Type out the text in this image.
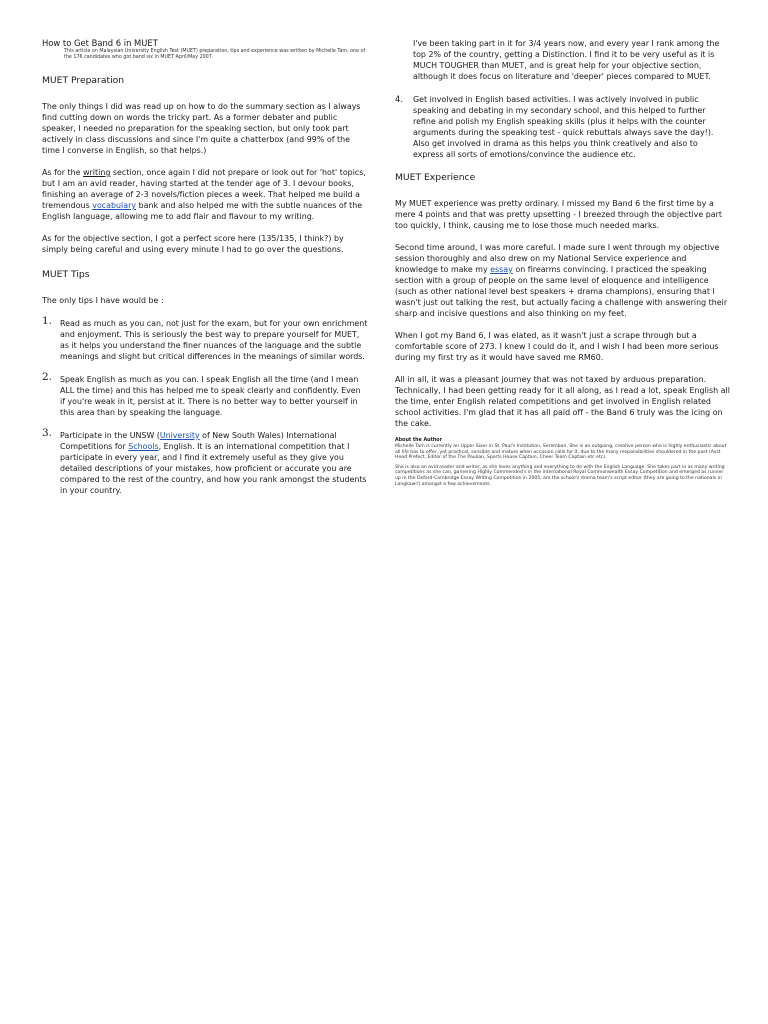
How to Get Band 6 in MUET

This article on Malaysian University English Test (MUET) preparation, tips and experience was written by Michelle Tam, one of the 176 candidates who got band six in MUET April/May 2007.

MUET Preparation

The only things I did was read up on how to do the summary section as I always find cutting down on words the tricky part. As a former debater and public speaker, I needed no preparation for the speaking section, but only took part actively in class discussions and since I'm quite a chatterbox (and 99% of the time I converse in English, so that helps.)

As for the writing section, once again I did not prepare or look out for 'hot' topics, but I am an avid reader, having started at the tender age of 3. I devour books, finishing an average of 2-3 novels/fiction pieces a week. That helped me build a tremendous vocabulary bank and also helped me with the subtle nuances of the English language, allowing me to add flair and flavour to my writing.

As for the objective section, I got a perfect score here (135/135, I think?) by simply being careful and using every minute I had to go over the questions.

MUET Tips

The only tips I have would be :

1. Read as much as you can, not just for the exam, but for your own enrichment and enjoyment. This is seriously the best way to prepare yourself for MUET, as it helps you understand the finer nuances of the language and the subtle meanings and slight but critical differences in the meanings of similar words.
2. Speak English as much as you can. I speak English all the time (and I mean ALL the time) and this has helped me to speak clearly and confidently. Even if you're weak in it, persist at it. There is no better way to better yourself in this area than by speaking the language.
3. Participate in the UNSW (University of New South Wales) International Competitions for Schools, English. It is an international competition that I participate in every year, and I find it extremely useful as they give you detailed descriptions of your mistakes, how proficient or accurate you are compared to the rest of the country, and how you rank amongst the students in your country.

I've been taking part in it for 3/4 years now, and every year I rank among the top 2% of the country, getting a Distinction. I find it to be very useful as it is MUCH TOUGHER than MUET, and is great help for your objective section, although it does focus on literature and 'deeper' pieces compared to MUET.

4. Get involved in English based activities. I was actively involved in public speaking and debating in my secondary school, and this helped to further refine and polish my English speaking skills (plus it helps with the counter arguments during the speaking test - quick rebuttals always save the day!). Also get involved in drama as this helps you think creatively and also to express all sorts of emotions/convince the audience etc.

MUET Experience

My MUET experience was pretty ordinary. I missed my Band 6 the first time by a mere 4 points and that was pretty upsetting - I breezed through the objective part too quickly, I think, causing me to lose those much needed marks.

Second time around, I was more careful. I made sure I went through my objective session thoroughly and also drew on my National Service experience and knowledge to make my essay on firearms convincing. I practiced the speaking section with a group of people on the same level of eloquence and intelligence (such as other national level best speakers + drama champions), ensuring that I wasn't just out talking the rest, but actually facing a challenge with answering their sharp and incisive questions and also thinking on my feet.

When I got my Band 6, I was elated, as it wasn't just a scrape through but a comfortable score of 273. I knew I could do it, and I wish I had been more serious during my first try as it would have saved me RM60.

All in all, it was a pleasant journey that was not taxed by arduous preparation. Technically, I had been getting ready for it all along, as I read a lot, speak English all the time, enter English related competitions and get involved in English related school activities. I'm glad that it has all paid off - the Band 6 truly was the icing on the cake.

About the Author

Michelle Tam is currently an Upper Sixer in St. Paul's Institution, Seremban. She is an outgoing, creative person who is highly enthusiastic about all life has to offer, yet practical, sensible and mature when occasion calls for it, due to the many responsibilities shouldered in the past (Asst Head Prefect, Editor of the The Paulian, Sports House Captain, Cheer Team Captain etc etc).

She is also an avid reader and writer, as she loves anything and everything to do with the English Language. She takes part in as many writing competitions as she can, garnering Highly Commended's in the international Royal Commonwealth Essay Competition and emerged as runner up in the Oxford-Cambridge Essay Writing Competition in 2005, am the school's drama team's script editor (they are going to the nationals in Langkawi!) amongst a few achievements.
